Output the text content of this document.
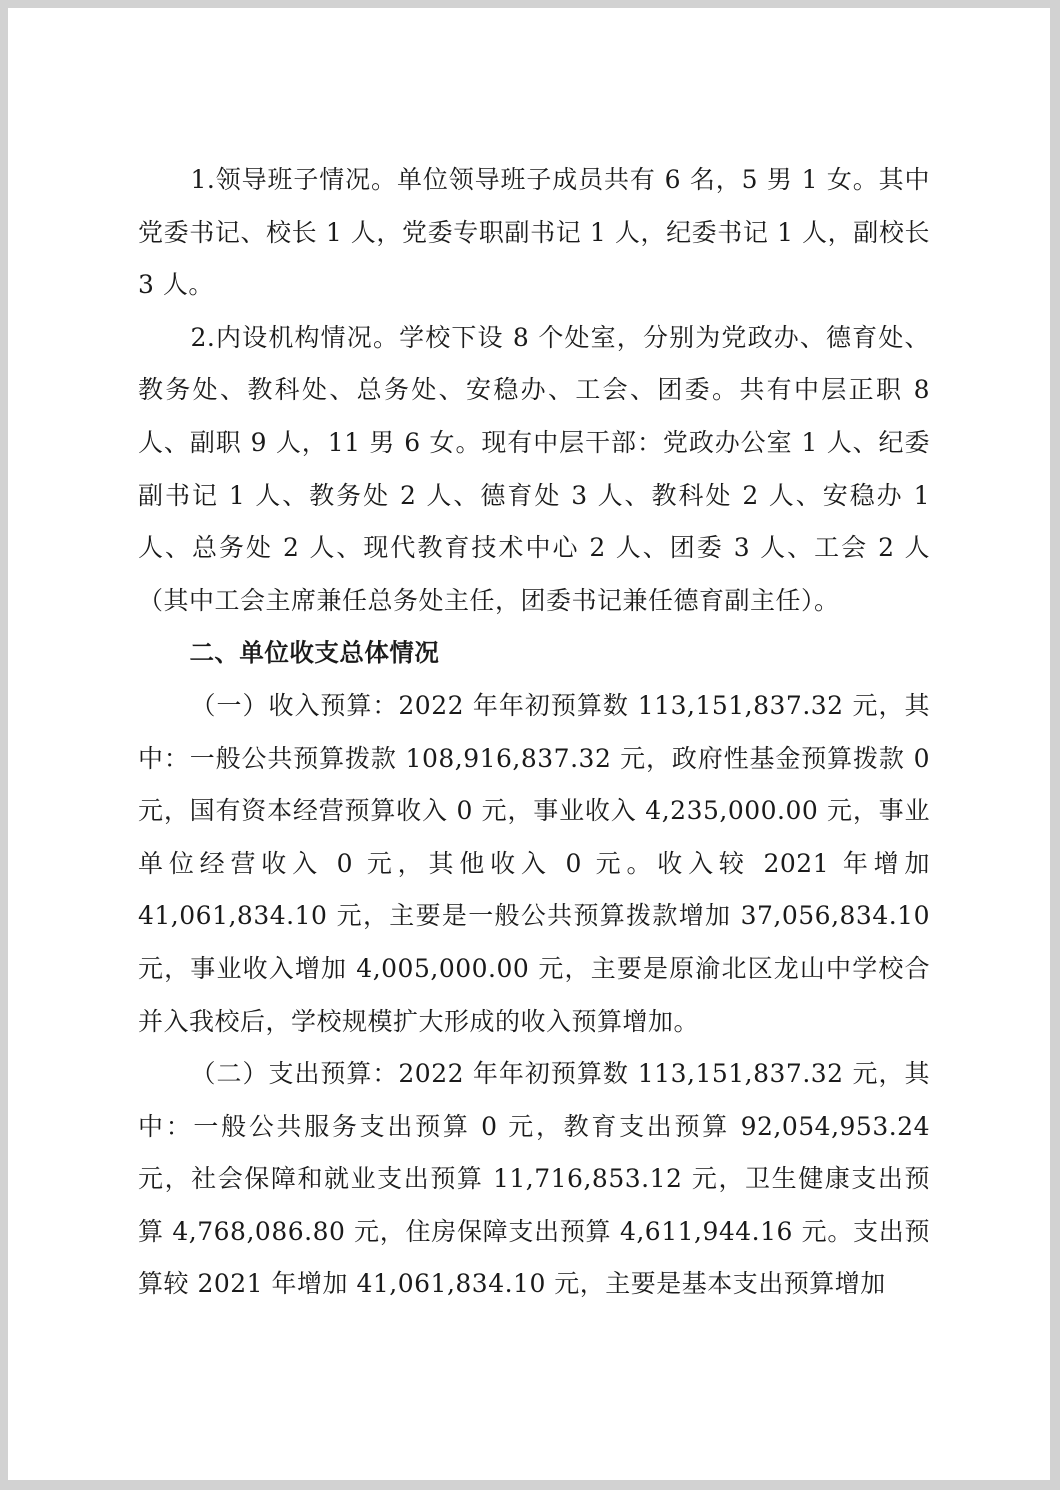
1.领导班子情况。单位领导班子成员共有 6 名，5 男 1 女。其中党委书记、校长 1 人，党委专职副书记 1 人，纪委书记 1 人，副校长 3 人。

2.内设机构情况。学校下设 8 个处室，分别为党政办、德育处、教务处、教科处、总务处、安稳办、工会、团委。共有中层正职 8 人、副职 9 人，11 男 6 女。现有中层干部：党政办公室 1 人、纪委副书记 1 人、教务处 2 人、德育处 3 人、教科处 2 人、安稳办 1 人、总务处 2 人、现代教育技术中心 2 人、团委 3 人、工会 2 人（其中工会主席兼任总务处主任，团委书记兼任德育副主任）。

二、单位收支总体情况

（一）收入预算：2022 年年初预算数 113,151,837.32 元，其中：一般公共预算拨款 108,916,837.32 元，政府性基金预算拨款 0 元，国有资本经营预算收入 0 元，事业收入 4,235,000.00 元，事业单位经营收入 0 元，其他收入 0 元。收入较 2021 年增加 41,061,834.10 元，主要是一般公共预算拨款增加 37,056,834.10 元，事业收入增加 4,005,000.00 元，主要是原渝北区龙山中学校合并入我校后，学校规模扩大形成的收入预算增加。

（二）支出预算：2022 年年初预算数 113,151,837.32 元，其中：一般公共服务支出预算 0 元，教育支出预算 92,054,953.24 元，社会保障和就业支出预算 11,716,853.12 元，卫生健康支出预算 4,768,086.80 元，住房保障支出预算 4,611,944.16 元。支出预算较 2021 年增加 41,061,834.10 元，主要是基本支出预算增加
